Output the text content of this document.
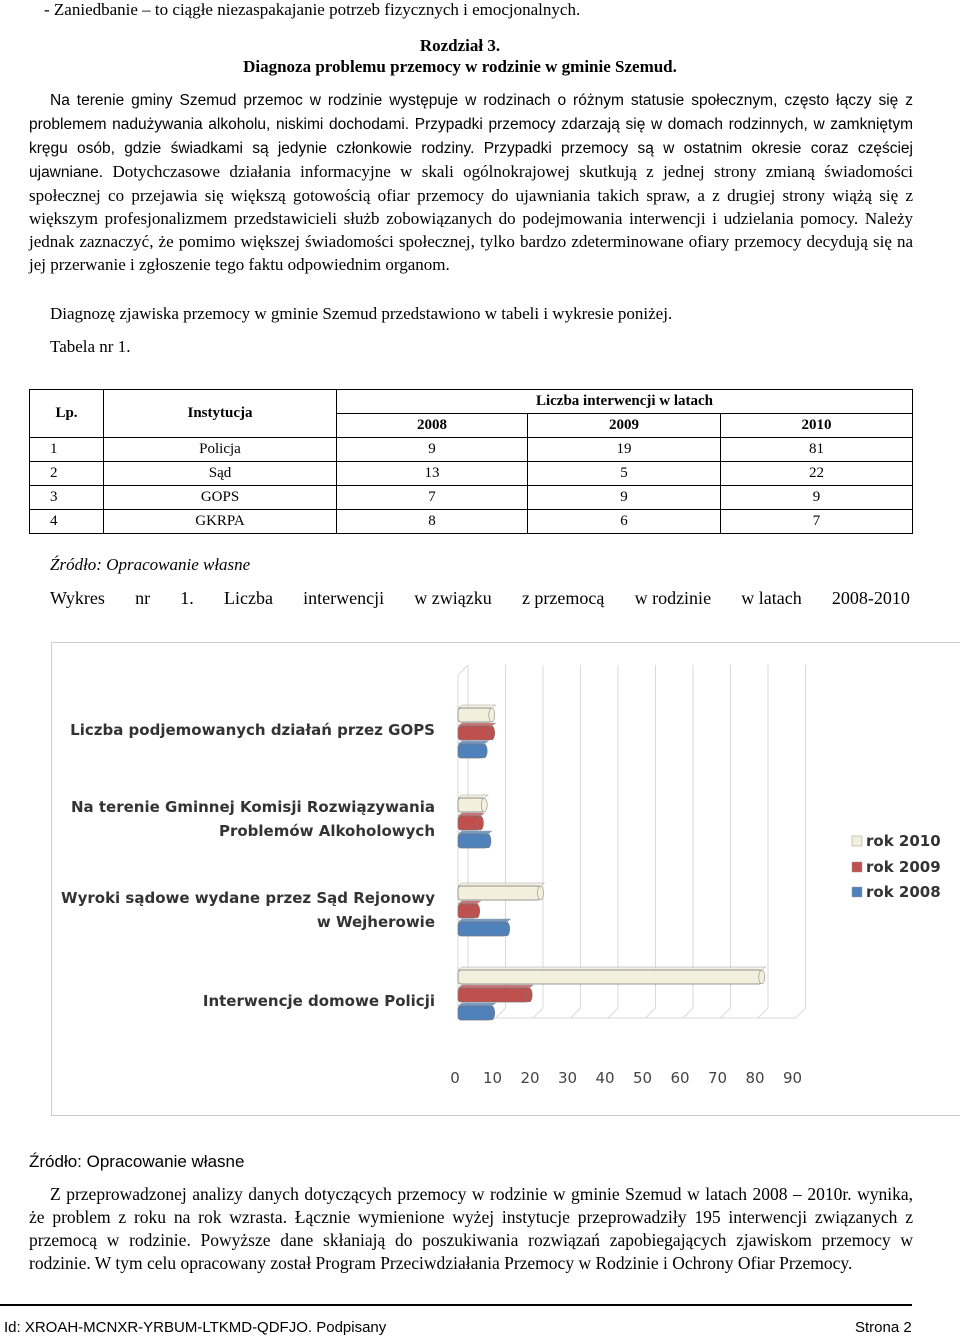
- Zaniedbanie – to ciągłe niezaspakajanie potrzeb fizycznych i emocjonalnych.
Rozdział 3.
Diagnoza problemu przemocy w rodzinie w gminie Szemud.
Na terenie gminy Szemud przemoc w rodzinie występuje w rodzinach o różnym statusie społecznym, często łączy się z problemem nadużywania alkoholu, niskimi dochodami. Przypadki przemocy zdarzają się w domach rodzinnych, w zamkniętym kręgu osób, gdzie świadkami są jedynie członkowie rodziny. Przypadki przemocy są w ostatnim okresie coraz częściej ujawniane. Dotychczasowe działania informacyjne w skali ogólnokrajowej skutkują z jednej strony zmianą świadomości społecznej co przejawia się większą gotowością ofiar przemocy do ujawniania takich spraw, a z drugiej strony wiążą się z większym profesjonalizmem przedstawicieli służb zobowiązanych do podejmowania interwencji i udzielania pomocy. Należy jednak zaznaczyć, że pomimo większej świadomości społecznej, tylko bardzo zdeterminowane ofiary przemocy decydują się na jej przerwanie i zgłoszenie tego faktu odpowiednim organom.
Diagnozę zjawiska przemocy w gminie Szemud przedstawiono w tabeli i wykresie poniżej.
Tabela nr 1.
Lp.	Instytucja	Liczba interwencji w latach		
		2008	2009	2010
1	Policja	9	19	81
2	Sąd	13	5	22
3	GOPS	7	9	9
4	GKRPA	8	6	7
Źródło: Opracowanie własne
Wykres nr 1. Liczba interwencji w związku z przemocą w rodzinie w latach 2008-2010
Liczba podjemowanych działań przez GOPS
Na terenie Gminnej Komisji Rozwiązywania
Problemów Alkoholowych
Wyroki sądowe wydane przez Sąd Rejonowy
w Wejherowie
Interwencje domowe Policji
0 10 20 30 40 50 60 70 80 90
rok 2010
rok 2009
rok 2008
Źródło: Opracowanie własne
Z przeprowadzonej analizy danych dotyczących przemocy w rodzinie w gminie Szemud w latach 2008 – 2010r. wynika, że problem z roku na rok wzrasta. Łącznie wymienione wyżej instytucje przeprowadziły 195 interwencji związanych z przemocą w rodzinie. Powyższe dane skłaniają do poszukiwania rozwiązań zapobiegających zjawiskom przemocy w rodzinie. W tym celu opracowany został Program Przeciwdziałania Przemocy w Rodzinie i Ochrony Ofiar Przemocy.
Id: XROAH-MCNXR-YRBUM-LTKMD-QDFJO. Podpisany	Strona 2
